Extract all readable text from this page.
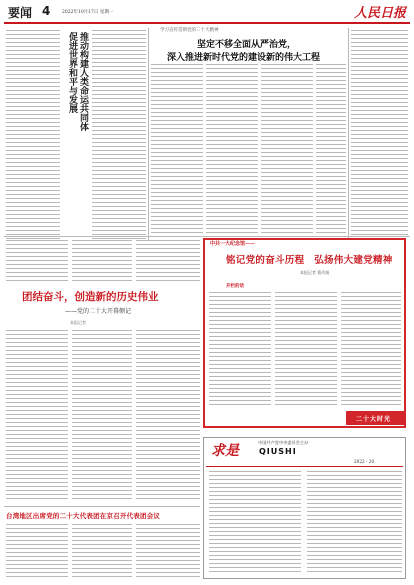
要闻 4	2022年10月17日 星期一	人民日报
促进世界和平与发展 推动构建人类命运共同体
学习宣传贯彻党的二十大精神
坚定不移全面从严治党，
深入推进新时代党的建设新的伟大工程
团结奋斗，创造新的历史伟业
——党的二十大开幕侧记
本报记者
台湾地区出席党的二十大代表团在京召开代表团会议
中共一大纪念馆——
铭记党的奋斗历程　弘扬伟大建党精神
本报记者 曹玲娟
开栏的话
二十大时光
求是
中国共产党中央委员会主办
QIUSHI
2022・20
